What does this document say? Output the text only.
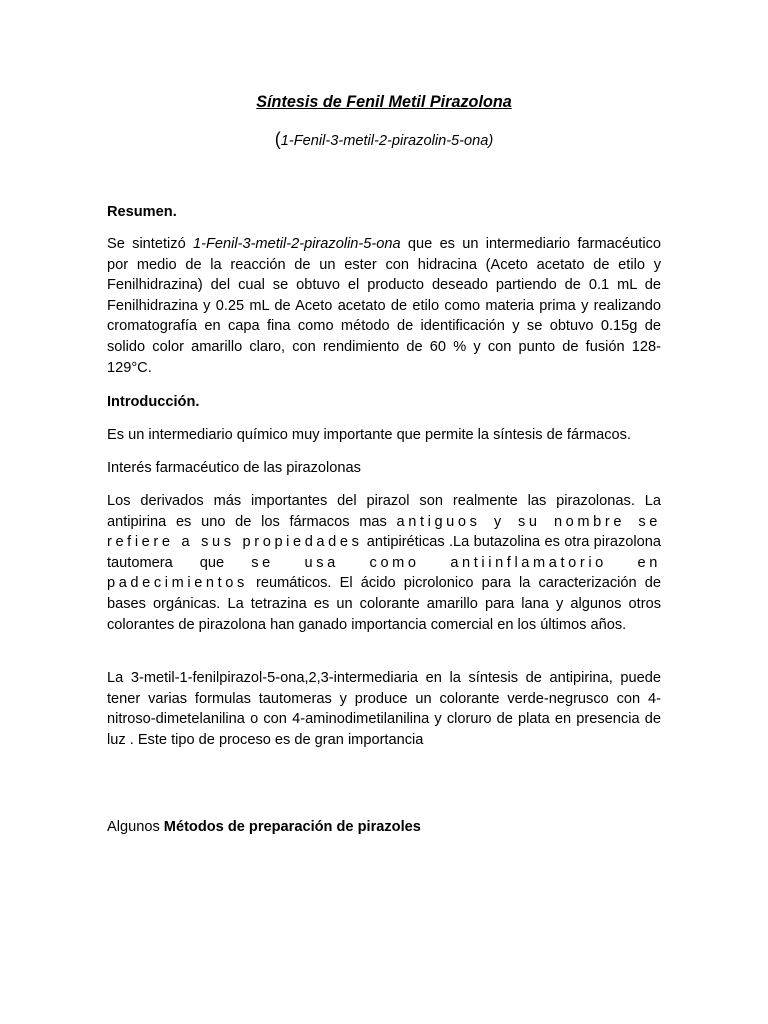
Síntesis de Fenil Metil Pirazolona
(1-Fenil-3-metil-2-pirazolin-5-ona)

Resumen.

Se sintetizó 1-Fenil-3-metil-2-pirazolin-5-ona que es un intermediario farmacéutico por medio de la reacción de un ester con hidracina (Aceto acetato de etilo y Fenilhidrazina) del cual se obtuvo el producto deseado partiendo de 0.1 mL de Fenilhidrazina y 0.25 mL de Aceto acetato de etilo como materia prima y realizando cromatografía en capa fina como método de identificación y se obtuvo 0.15g de solido color amarillo claro, con rendimiento de 60 % y con punto de fusión 128-129°C.

Introducción.

Es un intermediario químico muy importante que permite la síntesis de fármacos.

Interés farmacéutico de las pirazolonas

Los derivados más importantes del pirazol son realmente las pirazolonas. La antipirina es uno de los fármacos mas antiguos y su nombre se refiere a sus propiedades antipiréticas .La butazolina es otra pirazolona tautomera que se usa como antiinflamatorio en padecimientos reumáticos. El ácido picrolonico para la caracterización de bases orgánicas. La tetrazina es un colorante amarillo para lana y algunos otros colorantes de pirazolona han ganado importancia comercial en los últimos años.

La 3-metil-1-fenilpirazol-5-ona,2,3-intermediaria en la síntesis de antipirina, puede tener varias formulas tautomeras y produce un colorante verde-negrusco con 4-nitroso-dimetelanilina o con 4-aminodimetilanilina y cloruro de plata en presencia de luz . Este tipo de proceso es de gran importancia

Algunos Métodos de preparación de pirazoles
